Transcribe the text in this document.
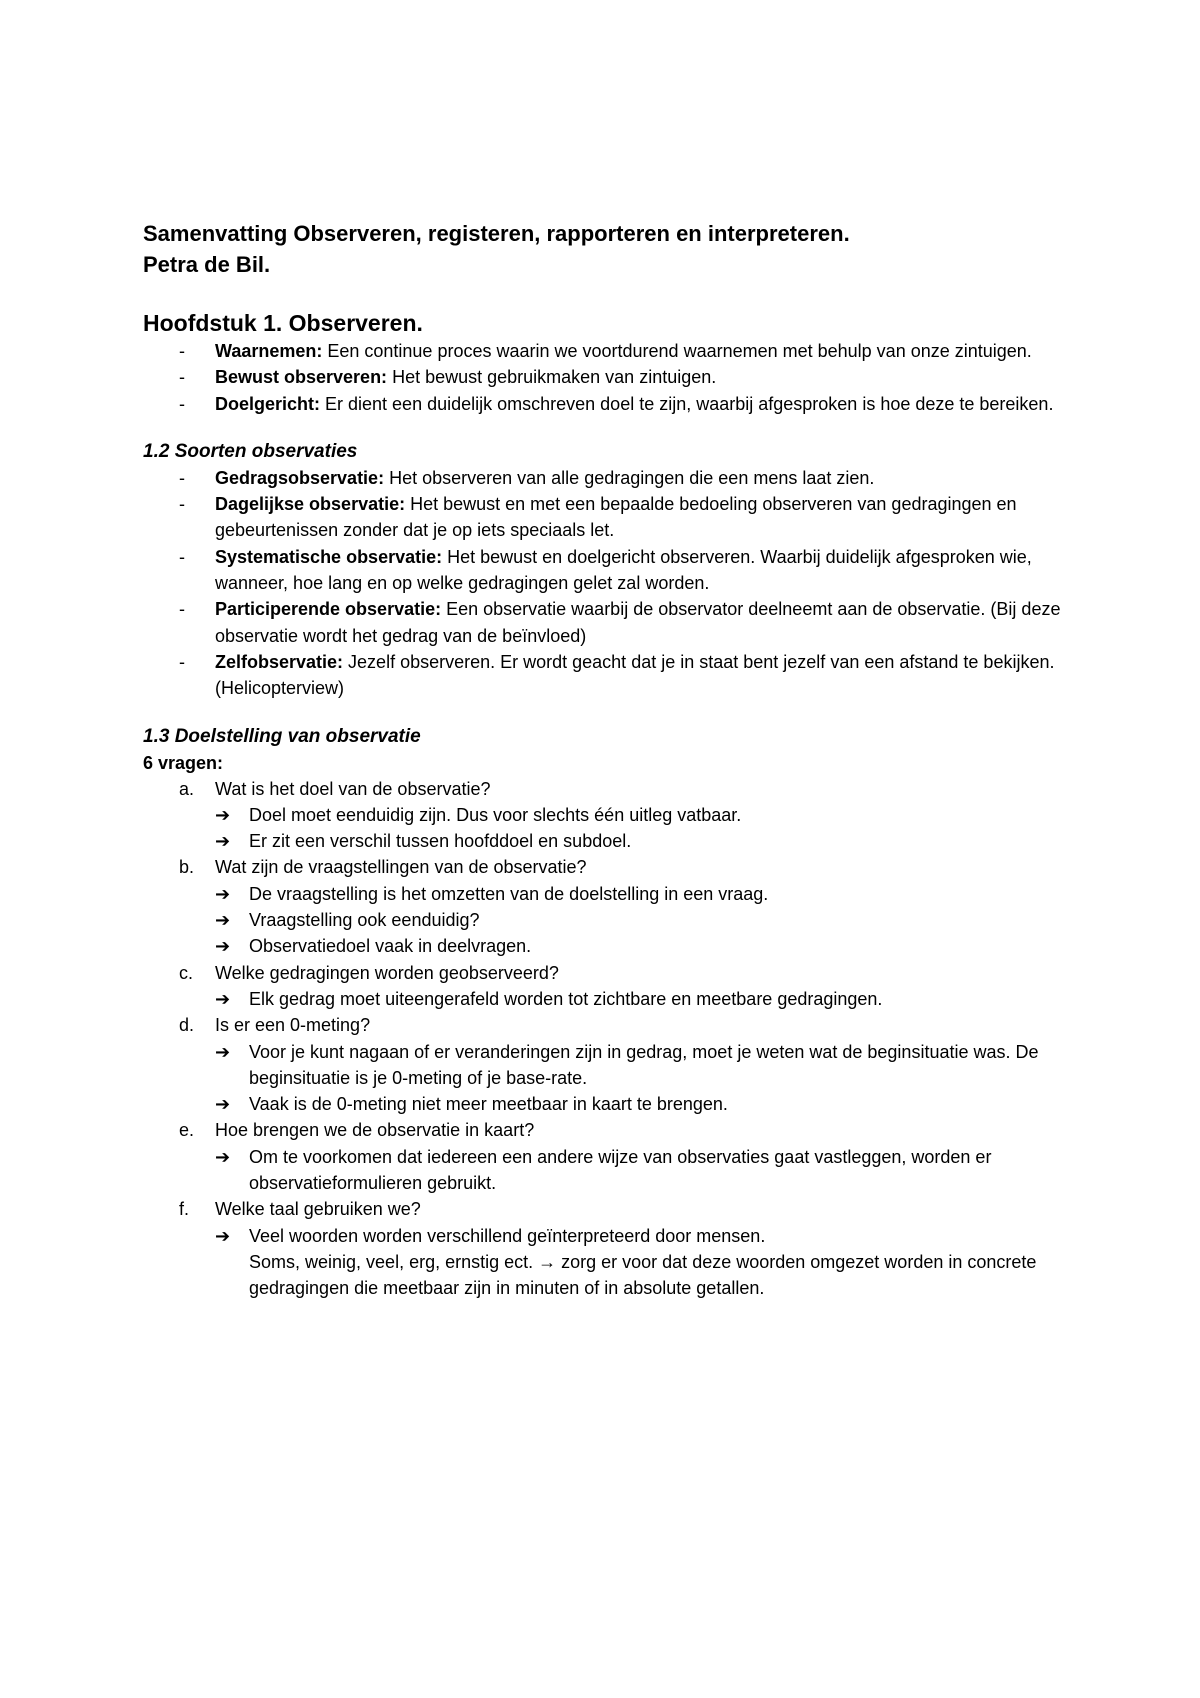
Samenvatting Observeren, registeren, rapporteren en interpreteren.

Petra de Bil.

Hoofdstuk 1. Observeren.
- Waarnemen: Een continue proces waarin we voortdurend waarnemen met behulp van onze zintuigen.
- Bewust observeren: Het bewust gebruikmaken van zintuigen.
- Doelgericht: Er dient een duidelijk omschreven doel te zijn, waarbij afgesproken is hoe deze te bereiken.
1.2 Soorten observaties
- Gedragsobservatie: Het observeren van alle gedragingen die een mens laat zien.
- Dagelijkse observatie: Het bewust en met een bepaalde bedoeling observeren van gedragingen en gebeurtenissen zonder dat je op iets speciaals let.
- Systematische observatie: Het bewust en doelgericht observeren. Waarbij duidelijk afgesproken wie, wanneer, hoe lang en op welke gedragingen gelet zal worden.
- Participerende observatie: Een observatie waarbij de observator deelneemt aan de observatie. (Bij deze observatie wordt het gedrag van de beïnvloed)
- Zelfobservatie: Jezelf observeren. Er wordt geacht dat je in staat bent jezelf van een afstand te bekijken. (Helicopterview)
1.3 Doelstelling van observatie

6 vragen:

a. Wat is het doel van de observatie?
➔ Doel moet eenduidig zijn. Dus voor slechts één uitleg vatbaar.
➔ Er zit een verschil tussen hoofddoel en subdoel.
b. Wat zijn de vraagstellingen van de observatie?
➔ De vraagstelling is het omzetten van de doelstelling in een vraag.
➔ Vraagstelling ook eenduidig?
➔ Observatiedoel vaak in deelvragen.
c. Welke gedragingen worden geobserveerd?
➔ Elk gedrag moet uiteengerafeld worden tot zichtbare en meetbare gedragingen.
d. Is er een 0-meting?
➔ Voor je kunt nagaan of er veranderingen zijn in gedrag, moet je weten wat de beginsituatie was. De beginsituatie is je 0-meting of je base-rate.
➔ Vaak is de 0-meting niet meer meetbaar in kaart te brengen.
e. Hoe brengen we de observatie in kaart?
➔ Om te voorkomen dat iedereen een andere wijze van observaties gaat vastleggen, worden er observatieformulieren gebruikt.
f. Welke taal gebruiken we?
➔ Veel woorden worden verschillend geïnterpreteerd door mensen.
Soms, weinig, veel, erg, ernstig ect. → zorg er voor dat deze woorden omgezet worden in concrete gedragingen die meetbaar zijn in minuten of in absolute getallen.
